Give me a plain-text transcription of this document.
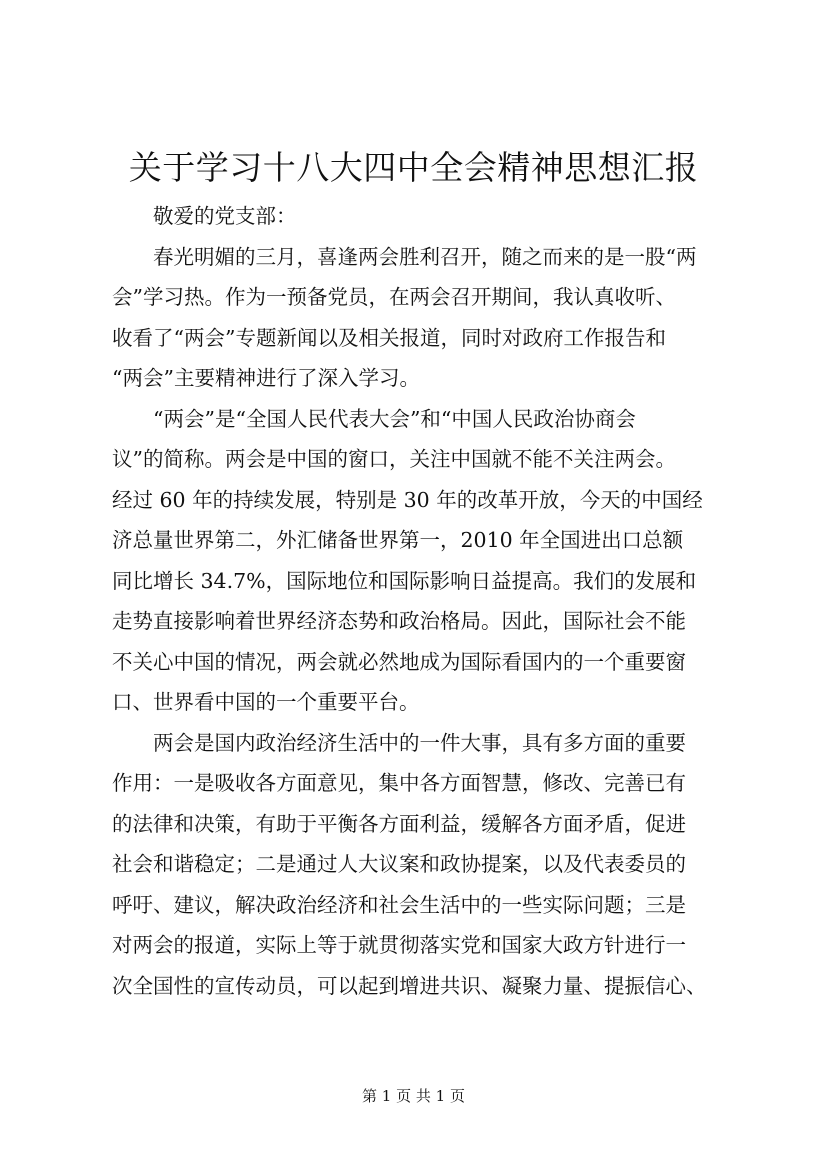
关于学习十八大四中全会精神思想汇报
敬爱的党支部：
春光明媚的三月，喜逢两会胜利召开，随之而来的是一股“两
会”学习热。作为一预备党员，在两会召开期间，我认真收听、
收看了“两会”专题新闻以及相关报道，同时对政府工作报告和
“两会”主要精神进行了深入学习。
“两会”是“全国人民代表大会”和“中国人民政治协商会
议”的简称。两会是中国的窗口，关注中国就不能不关注两会。
经过 60 年的持续发展，特别是 30 年的改革开放，今天的中国经
济总量世界第二，外汇储备世界第一，2010 年全国进出口总额
同比增长 34.7%，国际地位和国际影响日益提高。我们的发展和
走势直接影响着世界经济态势和政治格局。因此，国际社会不能
不关心中国的情况，两会就必然地成为国际看国内的一个重要窗
口、世界看中国的一个重要平台。
两会是国内政治经济生活中的一件大事，具有多方面的重要
作用：一是吸收各方面意见，集中各方面智慧，修改、完善已有
的法律和决策，有助于平衡各方面利益，缓解各方面矛盾，促进
社会和谐稳定；二是通过人大议案和政协提案，以及代表委员的
呼吁、建议，解决政治经济和社会生活中的一些实际问题；三是
对两会的报道，实际上等于就贯彻落实党和国家大政方针进行一
次全国性的宣传动员，可以起到增进共识、凝聚力量、提振信心、
第 1 页 共 1 页
